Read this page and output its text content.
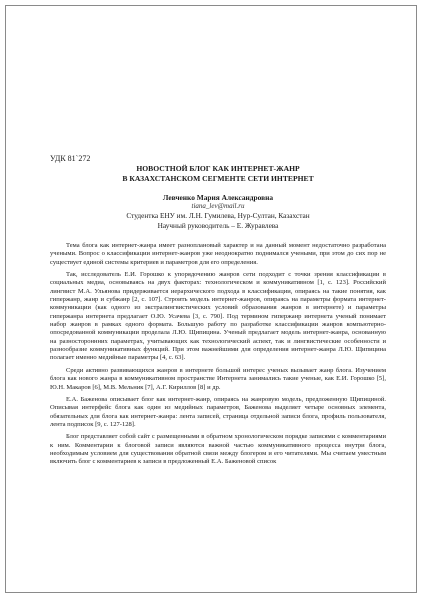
УДК 81`272

НОВОСТНОЙ БЛОГ КАК ИНТЕРНЕТ-ЖАНР
В КАЗАХСТАНСКОМ СЕГМЕНТЕ СЕТИ ИНТЕРНЕТ

Левченко Мария Александровна

tiana_lev@mail.ru

Студентка ЕНУ им. Л.Н. Гумилева, Нур-Султан, Казахстан

Научный руководитель – Е. Журавлева

Тема блога как интернет-жанра имеет разноплановый характер и на данный момент недостаточно разработана учеными. Вопрос о классификации интернет-жанров уже неоднократно поднимался учеными, при этом до сих пор не существует единой системы критериев и параметров для его определения.

Так, исследователь Е.И. Горошко к упорядочению жанров сети подходит с точки зрения классификации в социальных медиа, основываясь на двух факторах: технологическом и коммуникативном [1, с. 123]. Российский лингвист М.А. Ульянова придерживается иерархического подхода в классификации, опираясь на такие понятия, как гипержанр, жанр и субжанр [2, с. 107]. Строить модель интернет-жанров, опираясь на параметры формата интернет-коммуникации (как одного из экстралингвистических условий образования жанров в интернете) и параметры гипержанра интернета предлагает О.Ю. Усачева [3, с. 790]. Под термином гипержанр интернета ученый понимает набор жанров в рамках одного формата. Большую работу по разработке классификации жанров компьютерно-опосредованной коммуникации проделала Л.Ю. Щипицина. Ученый предлагает модель интернет-жанра, основанную на разностороннних параметрах, учитывающих как технологический аспект, так и лингвистические особенности и разнообразие коммуникативных функций. При этом важнейшими для определения интернет-жанра Л.Ю. Щипицина полагает именно медийные параметры [4, с. 63].

Среди активно развивающихся жанров в интернете большой интерес ученых вызывает жанр блога. Изучением блога как нового жанра в коммуникативном пространстве Интернета занимались такие ученые, как Е.И. Горошко [5], Ю.Н. Макаров [6], М.В. Мельник [7], А.Г. Кириллов [8] и др.

Е.А. Баженова описывает блог как интернет-жанр, опираясь на жанровую модель, предложенную Щипициной. Описывая интерфейс блога как один из медийных параметров, Баженова выделяет четыре основных элемента, обязательных для блога как интернет-жанра: лента записей, страница отдельной записи блога, профиль пользователя, лента подписок [9, с. 127-128].

Блог представляет собой сайт с размещенными в обратном хронологическом порядке записями с комментариями к ним. Комментарии к блоговой записи являются важной частью коммуникативного процесса внутри блога, необходимым условием для существования обратной связи между блогером и его читателями. Мы считаем уместным включить блог с комментариев к записи в предложенный Е.А. Баженовой список
